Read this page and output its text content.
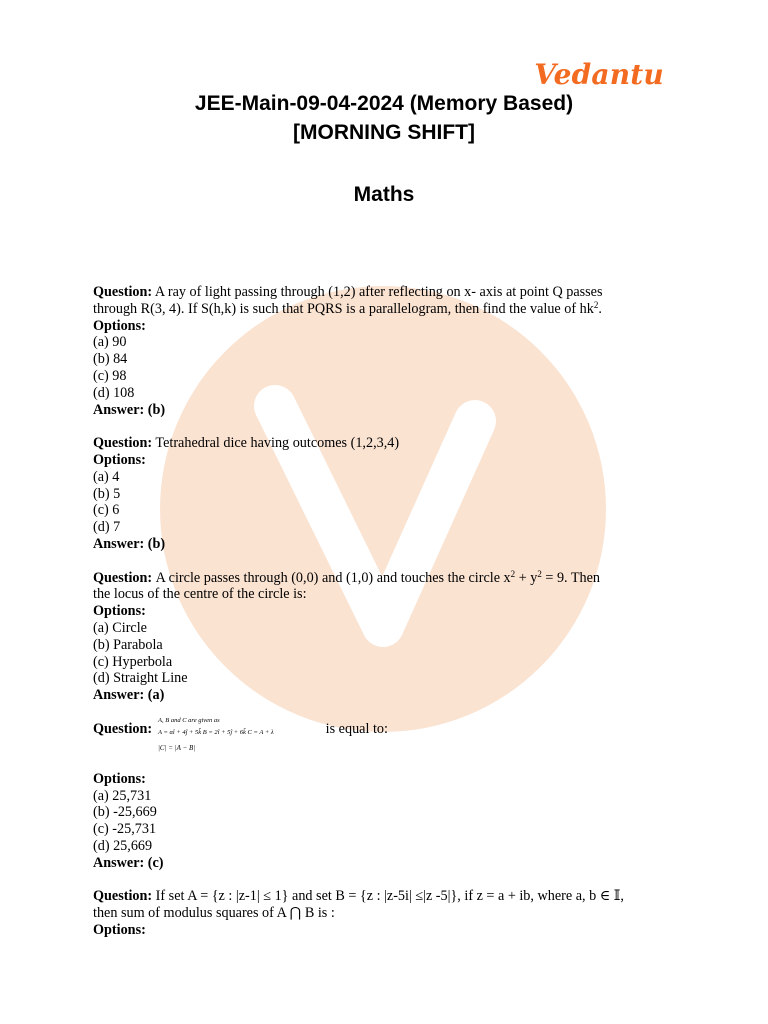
Vedantu
JEE-Main-09-04-2024 (Memory Based)
[MORNING SHIFT]
Maths
Question: A ray of light passing through (1,2) after reflecting on x- axis at point Q passes
through R(3, 4). If S(h,k) is such that PQRS is a parallelogram, then find the value of $hk^2$.
Options:
(a) 90
(b) 84
(c) 98
(d) 108
Answer: (b)
Question: Tetrahedral dice having outcomes (1,2,3,4)
Options:
(a) 4
(b) 5
(c) 6
(d) 7
Answer: (b)
Question: A circle passes through (0,0) and (1,0) and touches the circle $x^2 + y^2 = 9$. Then
the locus of the centre of the circle is:
Options:
(a) Circle
(b) Parabola
(c) Hyperbola
(d) Straight Line
Answer: (a)
Question:
A, B and C are given as
A = αî + 4ĵ + 5k̂ B = 2î + 5ĵ + 6k̂ C = A + λ
|C| = |A − B|
is equal to:
Options:
(a) 25,731
(b) -25,669
(c) -25,731
(d) 25,669
Answer: (c)
Question: If set A = {z : |z-1| ≤ 1} and set B = {z : |z-5i| ≤|z -5|}, if z = a + ib, where a, b ∈ 𝕀,
then sum of modulus squares of A ⋂ B is :
Options:
